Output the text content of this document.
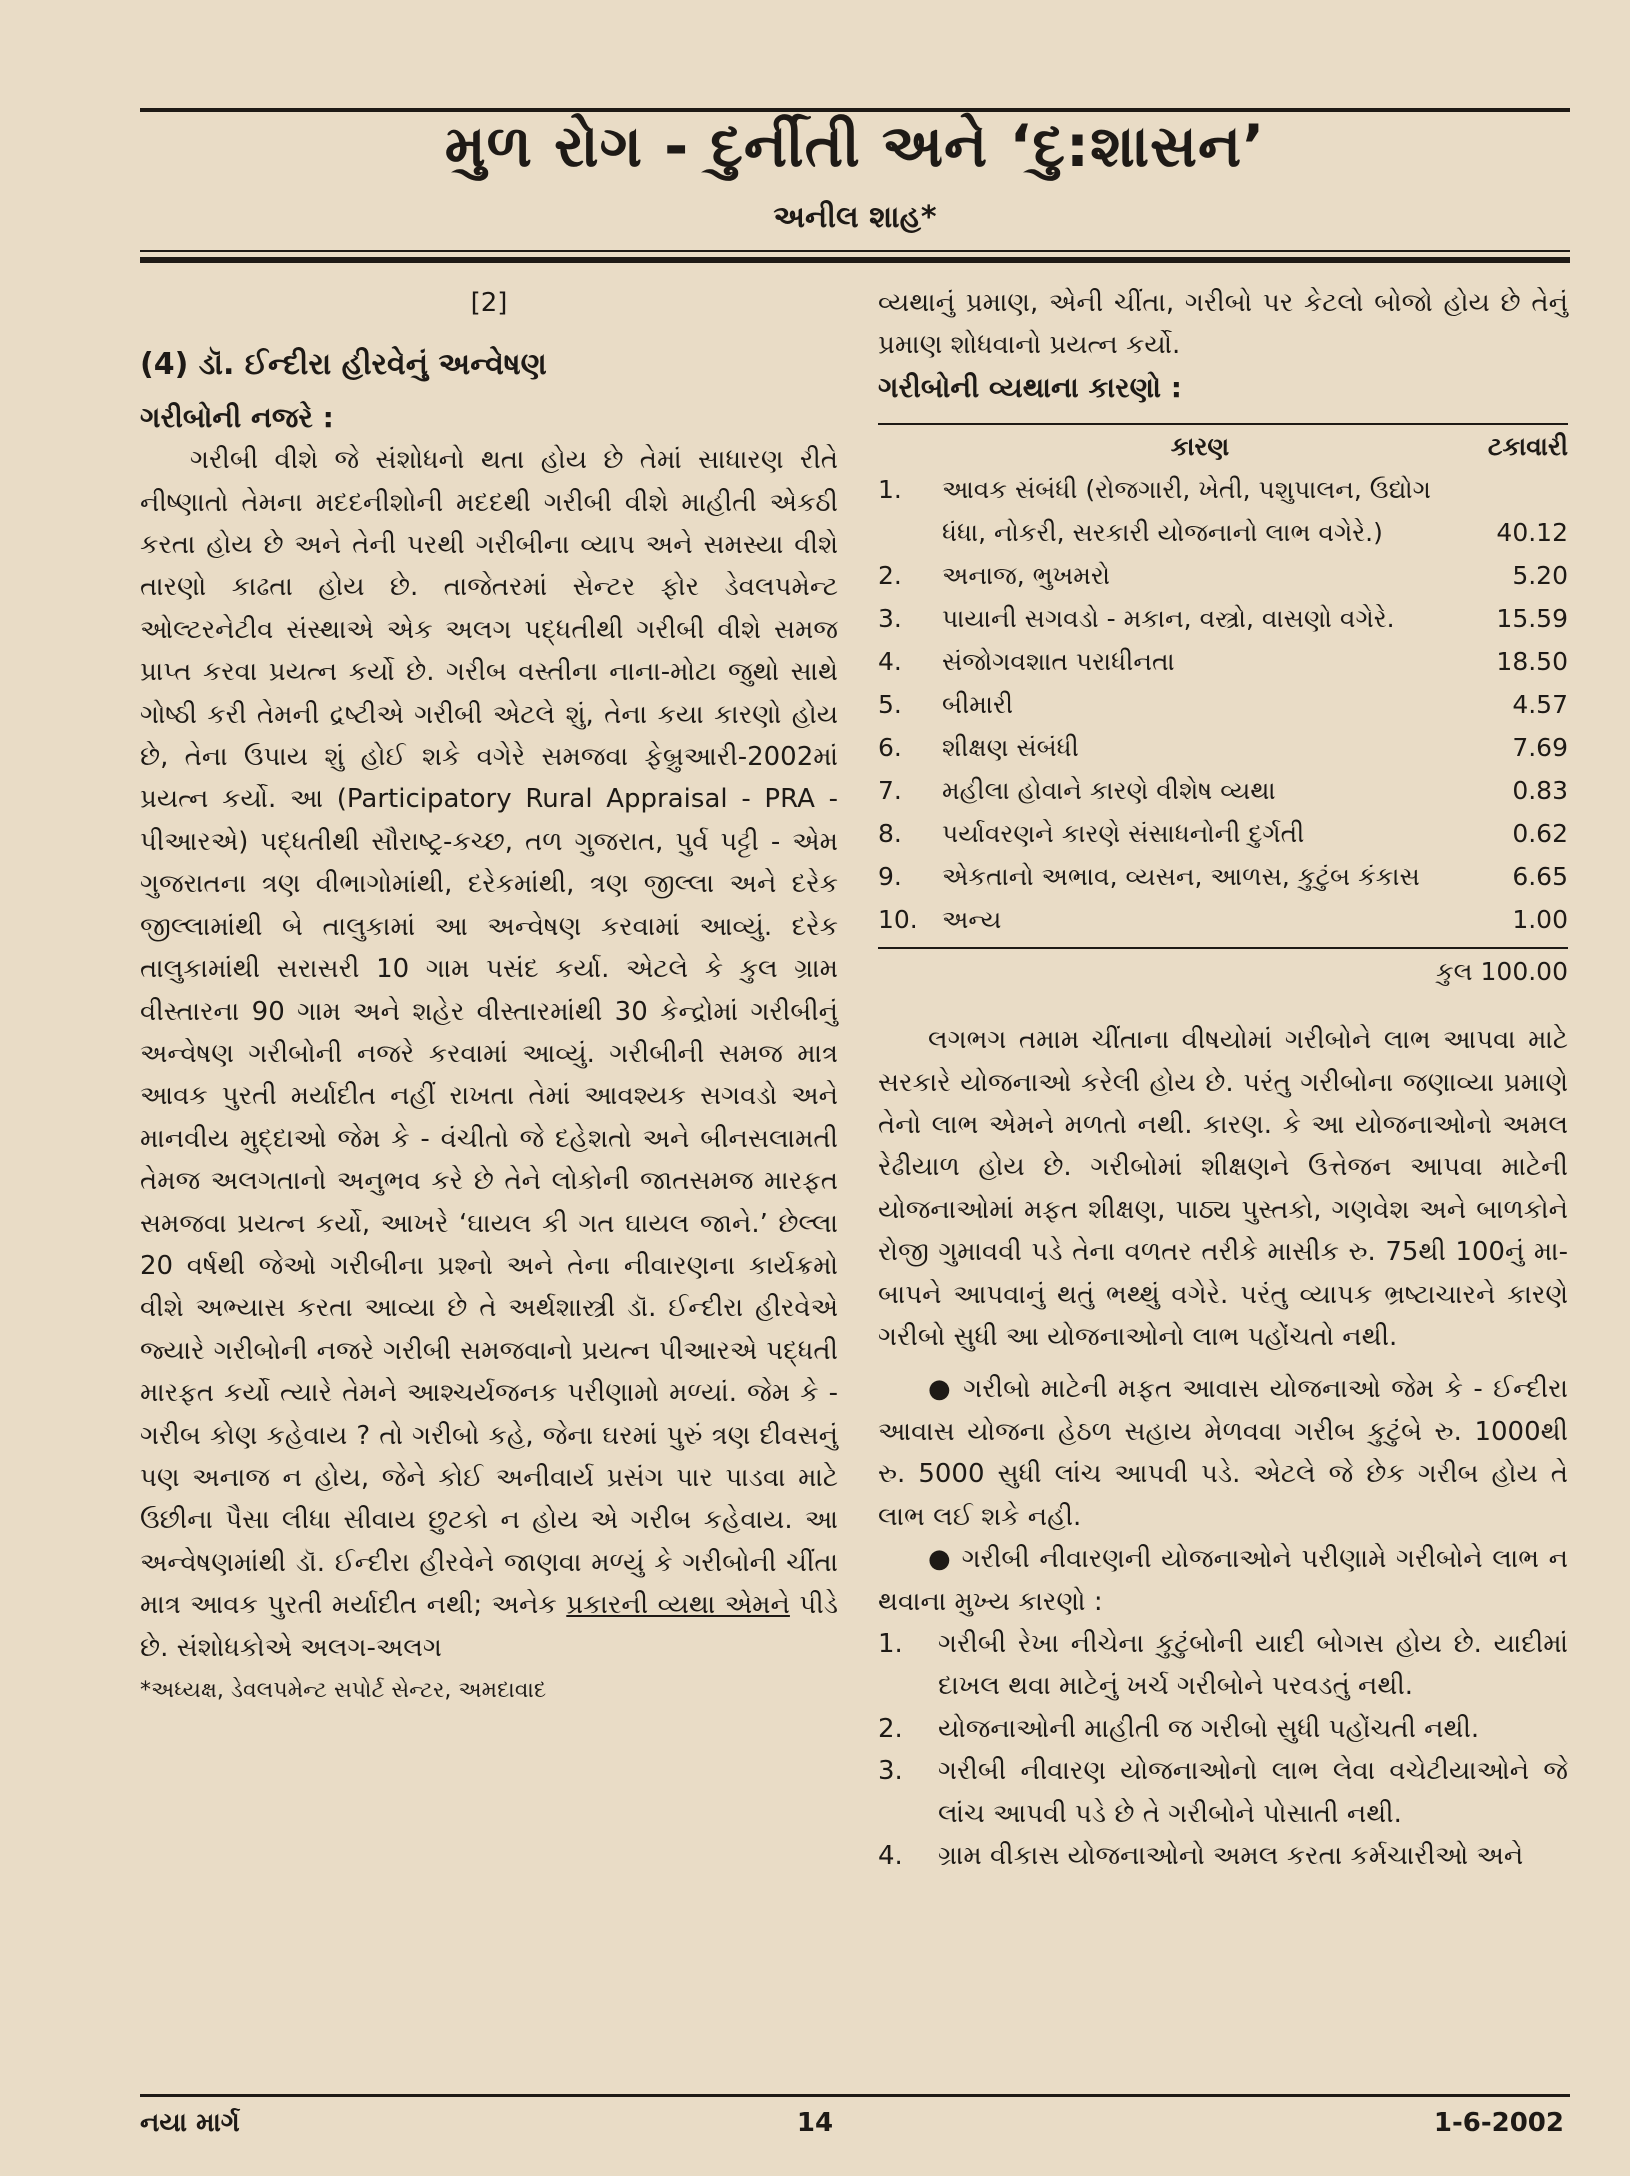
મુળ રોગ - દુર્નીતી અને ‘દુ:શાસન’
અનીલ શાહ*
[2]
(4) ડૉ. ઈન્દીરા હીરવેનું અન્વેષણ
ગરીબોની નજરે :

ગરીબી વીશે જે સંશોધનો થતા હોય છે તેમાં સાધારણ રીતે નીષ્ણાતો તેમના મદદનીશોની મદદથી ગરીબી વીશે માહીતી એકઠી કરતા હોય છે અને તેની પરથી ગરીબીના વ્યાપ અને સમસ્યા વીશે તારણો કાઢતા હોય છે. તાજેતરમાં સેન્ટર ફોર ડેવલપમેન્ટ ઓલ્ટરનેટીવ સંસ્થાએ એક અલગ પદ્ધતીથી ગરીબી વીશે સમજ પ્રાપ્ત કરવા પ્રયત્ન કર્યો છે. ગરીબ વસ્તીના નાના-મોટા જુથો સાથે ગોષ્ઠી કરી તેમની દ્રષ્ટીએ ગરીબી એટલે શું, તેના કયા કારણો હોય છે, તેના ઉપાય શું હોઈ શકે વગેરે સમજવા ફેબ્રુઆરી-2002માં પ્રયત્ન કર્યો. આ (Participatory Rural Appraisal - PRA - પીઆરએ) પદ્ધતીથી સૌરાષ્ટ્ર-કચ્છ, તળ ગુજરાત, પુર્વ પટ્ટી - એમ ગુજરાતના ત્રણ વીભાગોમાંથી, દરેકમાંથી, ત્રણ જીલ્લા અને દરેક જીલ્લામાંથી બે તાલુકામાં આ અન્વેષણ કરવામાં આવ્યું. દરેક તાલુકામાંથી સરાસરી 10 ગામ પસંદ કર્યા. એટલે કે કુલ ગ્રામ વીસ્તારના 90 ગામ અને શહેર વીસ્તારમાંથી 30 કેન્દ્રોમાં ગરીબીનું અન્વેષણ ગરીબોની નજરે કરવામાં આવ્યું. ગરીબીની સમજ માત્ર આવક પુરતી મર્યાદીત નહીં રાખતા તેમાં આવશ્યક સગવડો અને માનવીય મુદ્દાઓ જેમ કે - વંચીતો જે દહેશતો અને બીનસલામતી તેમજ અલગતાનો અનુભવ કરે છે તેને લોકોની જાતસમજ મારફત સમજવા પ્રયત્ન કર્યો, આખરે ‘ઘાયલ કી ગત ઘાયલ જાને.’ છેલ્લા 20 વર્ષથી જેઓ ગરીબીના પ્રશ્નો અને તેના નીવારણના કાર્યક્રમો વીશે અભ્યાસ કરતા આવ્યા છે તે અર્થશાસ્ત્રી ડૉ. ઈન્દીરા હીરવેએ જ્યારે ગરીબોની નજરે ગરીબી સમજવાનો પ્રયત્ન પીઆરએ પદ્ધતી મારફત કર્યો ત્યારે તેમને આશ્ચર્યજનક પરીણામો મળ્યાં. જેમ કે - ગરીબ કોણ કહેવાય ? તો ગરીબો કહે, જેના ઘરમાં પુરું ત્રણ દીવસનું પણ અનાજ ન હોય, જેને કોઈ અનીવાર્ય પ્રસંગ પાર પાડવા માટે ઉછીના પૈસા લીધા સીવાય છુટકો ન હોય એ ગરીબ કહેવાય. આ અન્વેષણમાંથી ડૉ. ઈન્દીરા હીરવેને જાણવા મળ્યું કે ગરીબોની ચીંતા માત્ર આવક પુરતી મર્યાદીત નથી; અનેક પ્રકારની વ્યથા એમને પીડે છે. સંશોધકોએ અલગ-અલગ

*અધ્યક્ષ, ડેવલપમેન્ટ સપોર્ટ સેન્ટર, અમદાવાદ

વ્યથાનું પ્રમાણ, એની ચીંતા, ગરીબો પર કેટલો બોજો હોય છે તેનું પ્રમાણ શોધવાનો પ્રયત્ન કર્યો.

ગરીબોની વ્યથાના કારણો :
	કારણ	ટકાવારી
1.	આવક સંબંધી (રોજગારી, ખેતી, પશુપાલન, ઉદ્યોગ ધંધા, નોકરી, સરકારી યોજનાનો લાભ વગેરે.)	40.12
2.	અનાજ, ભુખમરો	5.20
3.	પાયાની સગવડો - મકાન, વસ્ત્રો, વાસણો વગેરે.	15.59
4.	સંજોગવશાત પરાધીનતા	18.50
5.	બીમારી	4.57
6.	શીક્ષણ સંબંધી	7.69
7.	મહીલા હોવાને કારણે વીશેષ વ્યથા	0.83
8.	પર્યાવરણને કારણે સંસાધનોની દુર્ગતી	0.62
9.	એકતાનો અભાવ, વ્યસન, આળસ, કુટુંબ કંકાસ	6.65
10.	અન્ય	1.00
કુલ 100.00

લગભગ તમામ ચીંતાના વીષયોમાં ગરીબોને લાભ આપવા માટે સરકારે યોજનાઓ કરેલી હોય છે. પરંતુ ગરીબોના જણાવ્યા પ્રમાણે તેનો લાભ એમને મળતો નથી. કારણ. કે આ યોજનાઓનો અમલ રેઢીયાળ હોય છે. ગરીબોમાં શીક્ષણને ઉત્તેજન આપવા માટેની યોજનાઓમાં મફત શીક્ષણ, પાઠ્ય પુસ્તકો, ગણવેશ અને બાળકોને રોજી ગુમાવવી પડે તેના વળતર તરીકે માસીક રુ. 75થી 100નું મા-બાપને આપવાનું થતું ભથ્થું વગેરે. પરંતુ વ્યાપક ભ્રષ્ટાચારને કારણે ગરીબો સુધી આ યોજનાઓનો લાભ પહોંચતો નથી.

● ગરીબો માટેની મફત આવાસ યોજનાઓ જેમ કે - ઈન્દીરા આવાસ યોજના હેઠળ સહાય મેળવવા ગરીબ કુટુંબે રુ. 1000થી રુ. 5000 સુધી લાંચ આપવી પડે. એટલે જે છેક ગરીબ હોય તે લાભ લઈ શકે નહી.

● ગરીબી નીવારણની યોજનાઓને પરીણામે ગરીબોને લાભ ન થવાના મુખ્ય કારણો :

1.	ગરીબી રેખા નીચેના કુટુંબોની યાદી બોગસ હોય છે. યાદીમાં દાખલ થવા માટેનું ખર્ચ ગરીબોને પરવડતું નથી.
2.	યોજનાઓની માહીતી જ ગરીબો સુધી પહોંચતી નથી.
3.	ગરીબી નીવારણ યોજનાઓનો લાભ લેવા વચેટીયાઓને જે લાંચ આપવી પડે છે તે ગરીબોને પોસાતી નથી.
4.	ગ્રામ વીકાસ યોજનાઓનો અમલ કરતા કર્મચારીઓ અને
નયા માર્ગ	14	1-6-2002
